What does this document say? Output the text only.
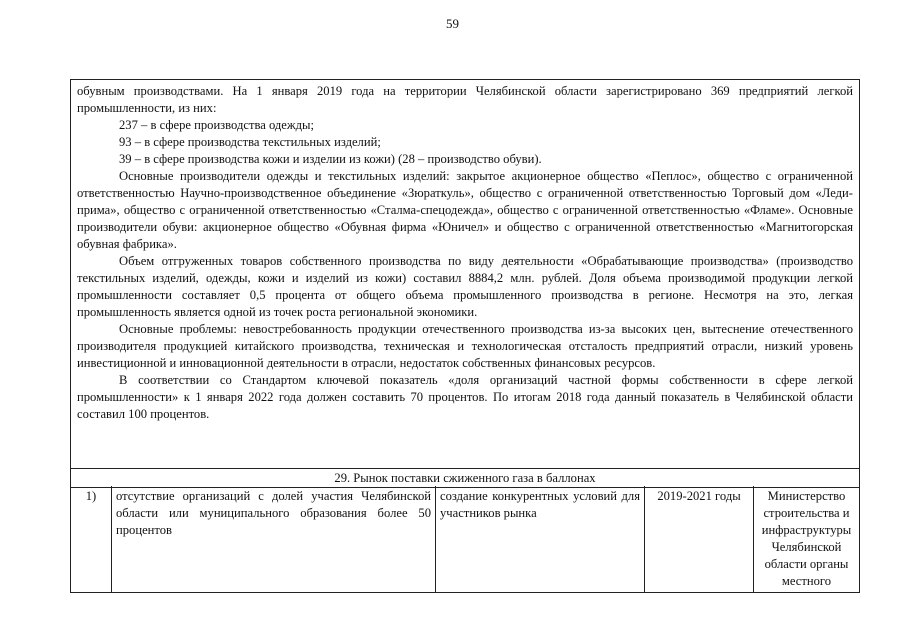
59

обувным производствами. На 1 января 2019 года на территории Челябинской области зарегистрировано 369 предприятий легкой промышленности, из них:

237 – в сфере производства одежды;

93 – в сфере производства текстильных изделий;

39 – в сфере производства кожи и изделии из кожи) (28 – производство обуви).

Основные производители одежды и текстильных изделий: закрытое акционерное общество «Пеплос», общество с ограниченной ответственностью Научно-производственное объединение «Зюраткуль», общество с ограниченной ответственностью Торговый дом «Леди-прима», общество с ограниченной ответственностью «Сталма-спецодежда», общество с ограниченной ответственностью «Фламе». Основные производители обуви: акционерное общество «Обувная фирма «Юничел» и общество с ограниченной ответственностью «Магнитогорская обувная фабрика».

Объем отгруженных товаров собственного производства по виду деятельности «Обрабатывающие производства» (производство текстильных изделий, одежды, кожи и изделий из кожи) составил 8884,2 млн. рублей. Доля объема производимой продукции легкой промышленности составляет 0,5 процента от общего объема промышленного производства в регионе. Несмотря на это, легкая промышленность является одной из точек роста региональной экономики.

Основные проблемы: невостребованность продукции отечественного производства из-за высоких цен, вытеснение отечественного производителя продукцией китайского производства, техническая и технологическая отсталость предприятий отрасли, низкий уровень инвестиционной и инновационной деятельности в отрасли, недостаток собственных финансовых ресурсов.

В соответствии со Стандартом ключевой показатель «доля организаций частной формы собственности в сфере легкой промышленности» к 1 января 2022 года должен составить 70 процентов. По итогам 2018 года данный показатель в Челябинской области составил 100 процентов.

29. Рынок поставки сжиженного газа в баллонах
1)	отсутствие организаций с долей участия Челябинской области или муниципального образования более 50 процентов	создание конкурентных условий для участников рынка	2019-2021 годы	Министерство строительства и инфраструктуры Челябинской области органы местного
